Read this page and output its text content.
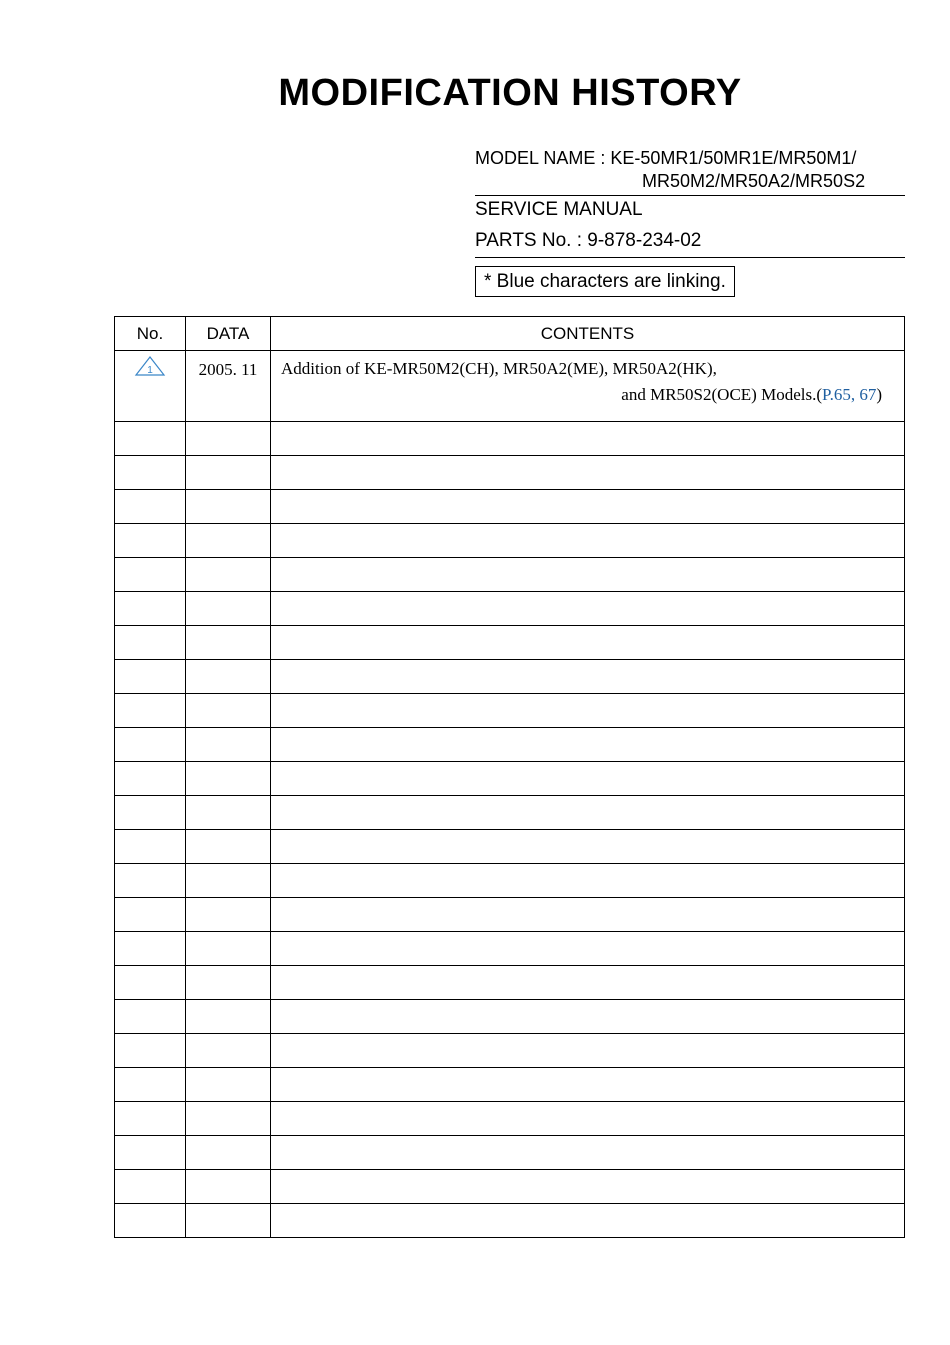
MODIFICATION HISTORY
MODEL NAME : KE-50MR1/50MR1E/MR50M1/
MR50M2/MR50A2/MR50S2
SERVICE MANUAL
PARTS No. : 9-878-234-02
* Blue characters are linking.
No.	DATA	CONTENTS

1	2005. 11	Addition of KE-MR50M2(CH), MR50A2(ME), MR50A2(HK),
and MR50S2(OCE) Models.(P.65, 67)
